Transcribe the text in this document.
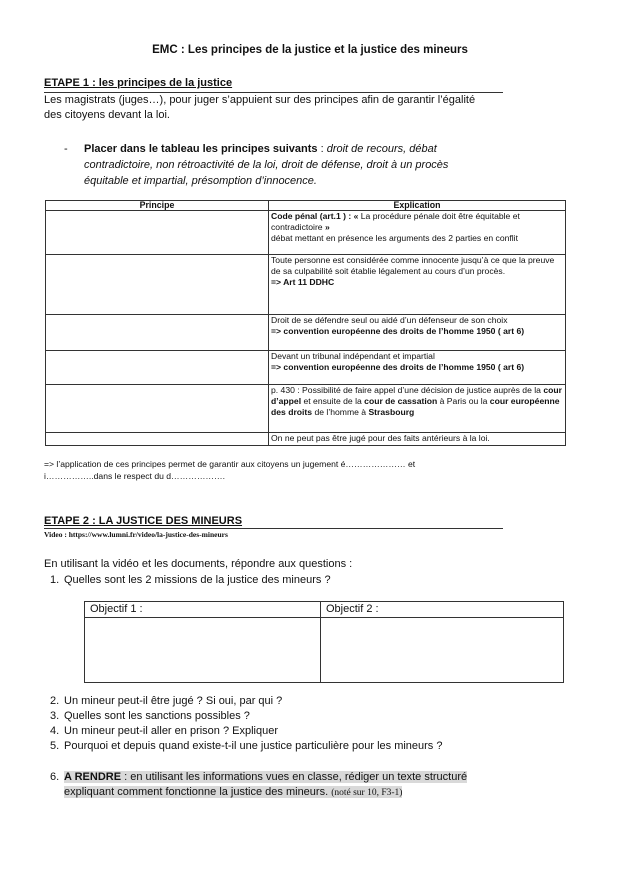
EMC : Les principes de la justice et la justice des mineurs
ETAPE 1 : les principes de la justice
Les magistrats (juges…), pour juger s’appuient sur des principes afin de garantir l’égalité
des citoyens devant la loi.
- Placer dans le tableau les principes suivants : droit de recours, débat contradictoire, non rétroactivité de la loi, droit de défense, droit à un procès équitable et impartial, présomption d’innocence.
Principe	Explication
	Code pénal (art.1 ) : « La procédure pénale doit être équitable et contradictoire »
débat mettant en présence les arguments des 2 parties en conflit
	Toute personne est considérée comme innocente jusqu’à ce que la preuve de sa culpabilité soit établie légalement au cours d’un procès.
=> Art 11 DDHC
	Droit de se défendre seul ou aidé d’un défenseur de son choix
=> convention européenne des droits de l’homme 1950 ( art 6)
	Devant un tribunal indépendant et impartial
=> convention européenne des droits de l’homme 1950 ( art 6)
	p. 430 : Possibilité de faire appel d’une décision de justice auprès de la cour d’appel et ensuite de la cour de cassation à Paris ou la cour européenne des droits de l’homme à Strasbourg
	On ne peut pas être jugé pour des faits antérieurs à la loi.
=> l’application de ces principes permet de garantir aux citoyens un jugement é………………… et
i……………..dans le respect du d……………….
ETAPE 2 : LA JUSTICE DES MINEURS
Video : https://www.lumni.fr/video/la-justice-des-mineurs
En utilisant la vidéo et les documents, répondre aux questions :
1. Quelles sont les 2 missions de la justice des mineurs ?
Objectif 1 :	Objectif 2 :

2. Un mineur peut-il être jugé ? Si oui, par qui ?
3. Quelles sont les sanctions possibles ?
4. Un mineur peut-il aller en prison ? Expliquer
5. Pourquoi et depuis quand existe-t-il une justice particulière pour les mineurs ?
6. A RENDRE : en utilisant les informations vues en classe, rédiger un texte structuré
expliquant comment fonctionne la justice des mineurs. (noté sur 10, F3-1)
